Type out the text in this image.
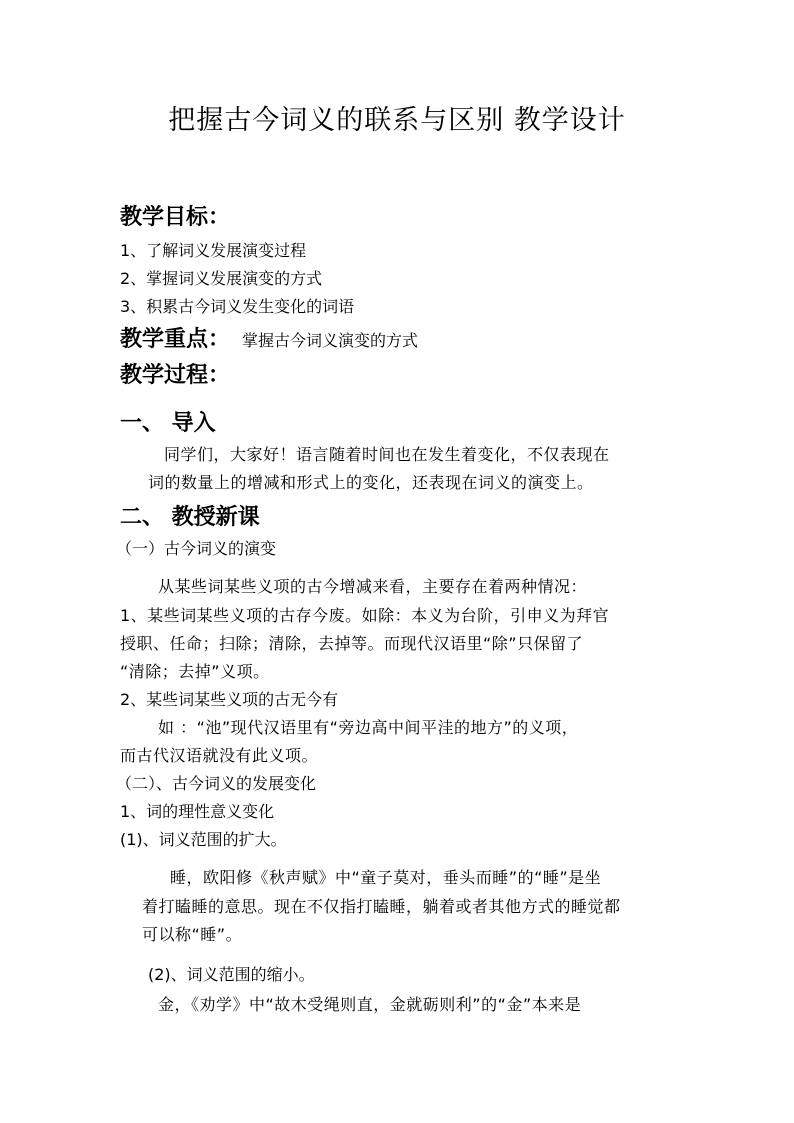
把握古今词义的联系与区别 教学设计
教学目标：
1、了解词义发展演变过程
2、掌握词义发展演变的方式
3、积累古今词义发生变化的词语
教学重点： 掌握古今词义演变的方式
教学过程：
一、 导入
同学们，大家好！语言随着时间也在发生着变化，不仅表现在
词的数量上的增减和形式上的变化，还表现在词义的演变上。
二、 教授新课
（一）古今词义的演变
从某些词某些义项的古今增减来看，主要存在着两种情况：
1、某些词某些义项的古存今废。如除：本义为台阶，引申义为拜官
授职、任命；扫除；清除，去掉等。而现代汉语里“除”只保留了
“清除；去掉”义项。
2、某些词某些义项的古无今有
如 ：“池”现代汉语里有“旁边高中间平洼的地方”的义项，
而古代汉语就没有此义项。
（二）、古今词义的发展变化
1、词的理性意义变化
(1)、词义范围的扩大。
睡，欧阳修《秋声赋》中“童子莫对，垂头而睡”的“睡”是坐
着打瞌睡的意思。现在不仅指打瞌睡，躺着或者其他方式的睡觉都
可以称“睡”。
(2)、词义范围的缩小。
金，《劝学》中“故木受绳则直，金就砺则利”的“金”本来是
